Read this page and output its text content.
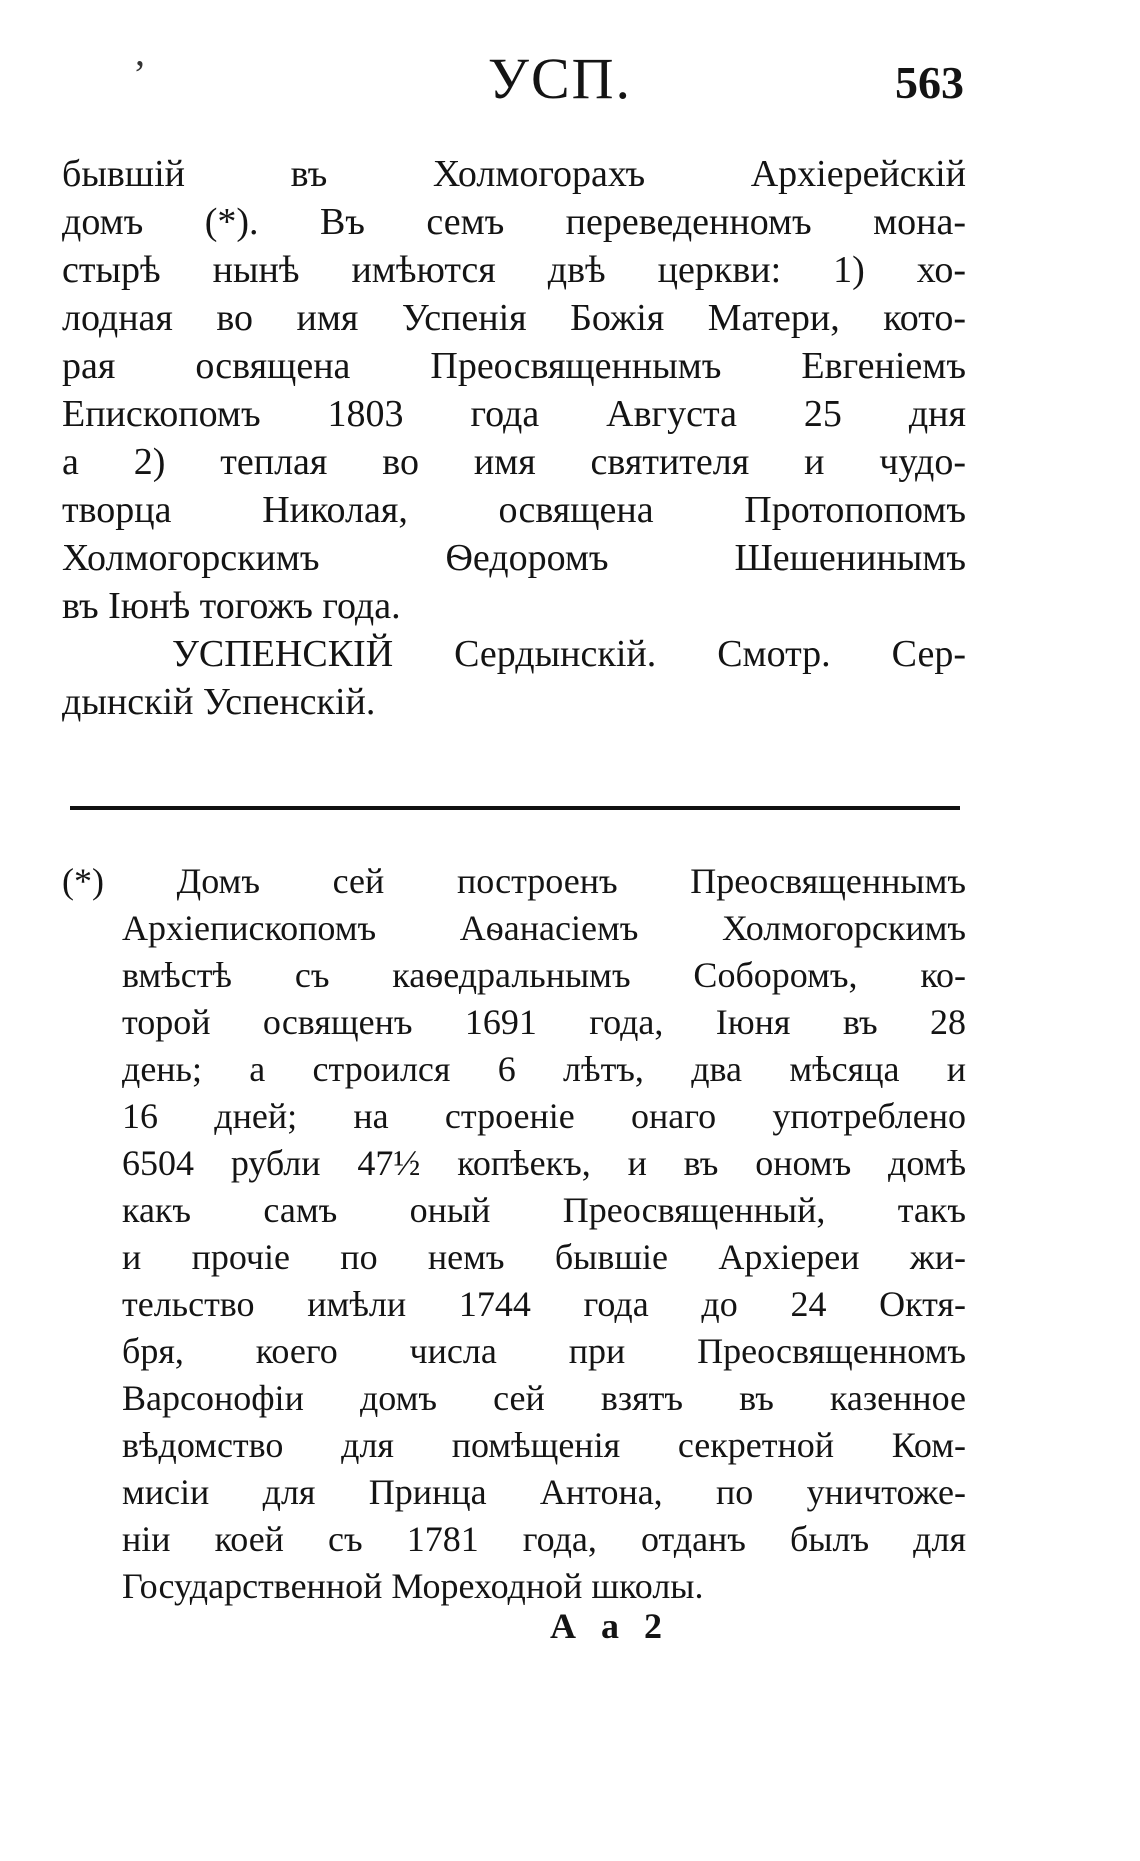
ʼ	УСП.	563
бывшій въ Холмогорахъ Архіерейскій
домъ (*). Въ семъ переведенномъ мона-
стырѣ нынѣ имѣются двѣ церкви: 1) хо-
лодная во имя Успенія Божія Матери, кото-
рая освящена Преосвященнымъ Евгеніемъ
Епископомъ 1803 года Августа 25 дня
а 2) теплая во имя святителя и чудо-
творца Николая, освящена Протопопомъ
Холмогорскимъ Ѳедоромъ Шешенинымъ
въ Іюнѣ тогожъ года.
УСПЕНСКІЙ Сердынскій. Смотр. Сер-
дынскій Успенскій.
(*) Домъ сей построенъ Преосвященнымъ
Архіепископомъ Аѳанасіемъ Холмогорскимъ
вмѣстѣ съ каѳедральнымъ Соборомъ, ко-
торой освященъ 1691 года, Іюня въ 28
день; а строился 6 лѣтъ, два мѣсяца и
16 дней; на строеніе онаго употреблено
6504 рубли 47½ копѣекъ, и въ ономъ домѣ
какъ самъ оный Преосвященный, такъ
и прочіе по немъ бывшіе Архіереи жи-
тельство имѣли 1744 года до 24 Октя-
бря, коего числа при Преосвященномъ
Варсонофіи домъ сей взятъ въ казенное
вѣдомство для помѣщенія секретной Ком-
мисіи для Принца Антона, по уничтоже-
ніи коей съ 1781 года, отданъ былъ для
Государственной Мореходной школы.
А а 2
